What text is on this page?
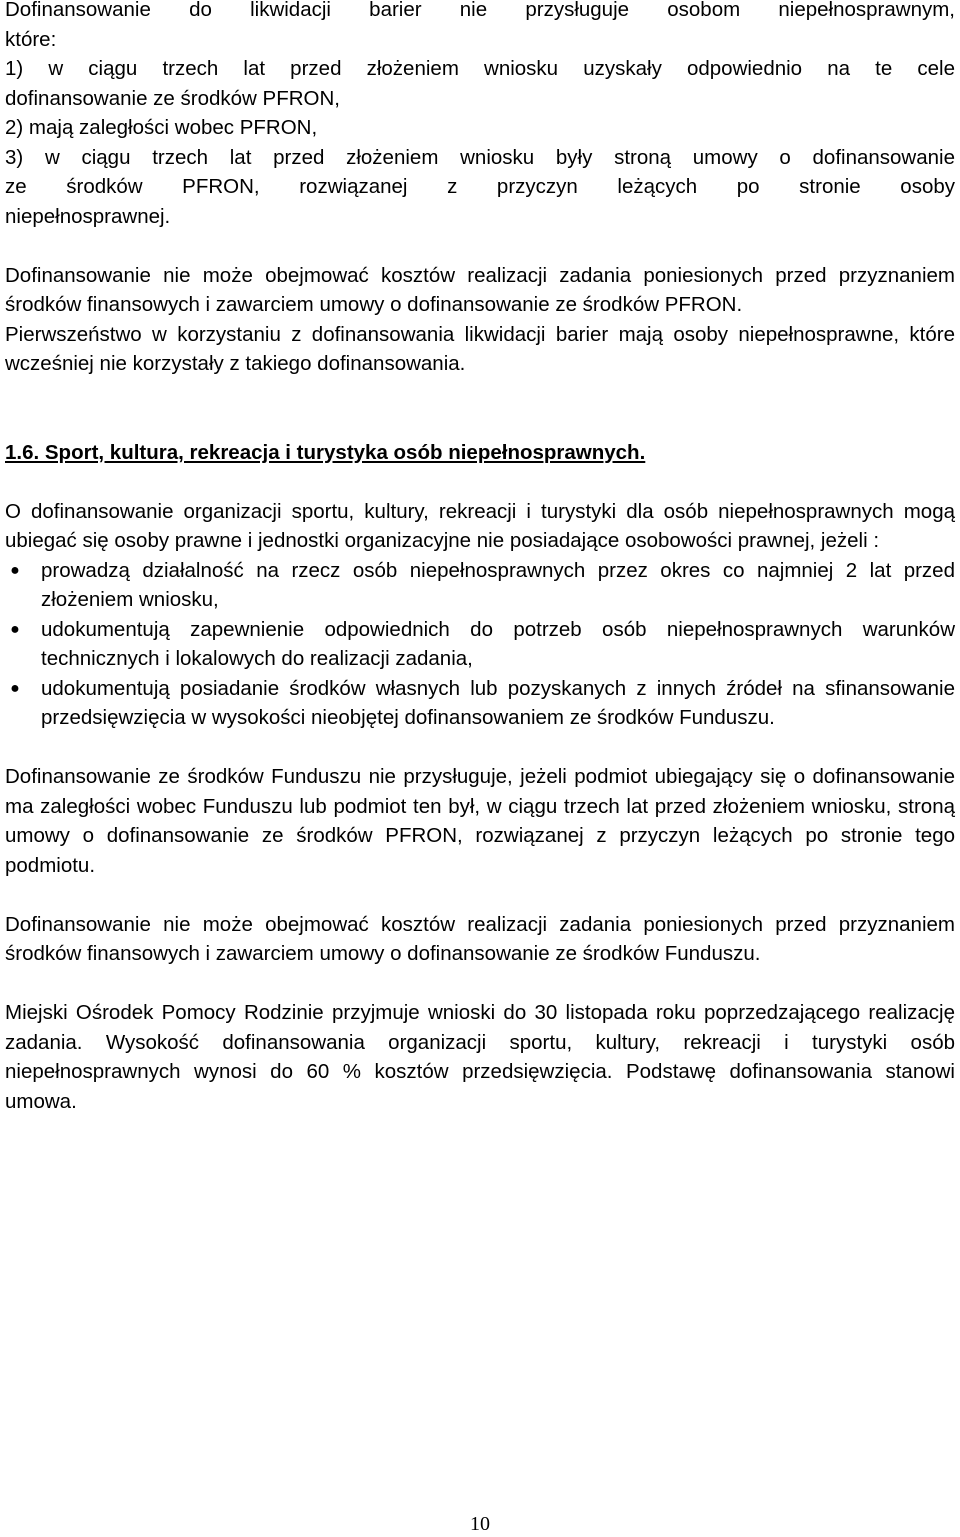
Dofinansowanie do likwidacji barier nie przysługuje osobom niepełnosprawnym,
które:
1) w ciągu trzech lat przed złożeniem wniosku uzyskały odpowiednio na te cele
dofinansowanie ze środków PFRON,
2) mają zaległości wobec PFRON,
3) w ciągu trzech lat przed złożeniem wniosku były stroną umowy o dofinansowanie
ze środków PFRON, rozwiązanej z przyczyn leżących po stronie osoby
niepełnosprawnej.

Dofinansowanie nie może obejmować kosztów realizacji zadania poniesionych przed przyznaniem środków finansowych i zawarciem umowy o dofinansowanie ze środków PFRON.

Pierwszeństwo w korzystaniu z dofinansowania likwidacji barier mają osoby niepełnosprawne, które wcześniej nie korzystały z takiego dofinansowania.

1.6. Sport, kultura, rekreacja i turystyka osób niepełnosprawnych.

O dofinansowanie organizacji sportu, kultury, rekreacji i turystyki dla osób niepełnosprawnych mogą ubiegać się osoby prawne i jednostki organizacyjne nie posiadające osobowości prawnej, jeżeli :

● prowadzą działalność na rzecz osób niepełnosprawnych przez okres co najmniej 2 lat przed złożeniem wniosku,
● udokumentują zapewnienie odpowiednich do potrzeb osób niepełnosprawnych warunków technicznych i lokalowych do realizacji zadania,
● udokumentują posiadanie środków własnych lub pozyskanych z innych źródeł na sfinansowanie przedsięwzięcia w wysokości nieobjętej dofinansowaniem ze środków Funduszu.

Dofinansowanie ze środków Funduszu nie przysługuje, jeżeli podmiot ubiegający się o dofinansowanie ma zaległości wobec Funduszu lub podmiot ten był, w ciągu trzech lat przed złożeniem wniosku, stroną umowy o dofinansowanie ze środków PFRON, rozwiązanej z przyczyn leżących po stronie tego podmiotu.

Dofinansowanie nie może obejmować kosztów realizacji zadania poniesionych przed przyznaniem środków finansowych i zawarciem umowy o dofinansowanie ze środków Funduszu.

Miejski Ośrodek Pomocy Rodzinie przyjmuje wnioski do 30 listopada roku poprzedzającego realizację zadania. Wysokość dofinansowania organizacji sportu, kultury, rekreacji i turystyki osób niepełnosprawnych wynosi do 60 % kosztów przedsięwzięcia. Podstawę dofinansowania stanowi umowa.

10
